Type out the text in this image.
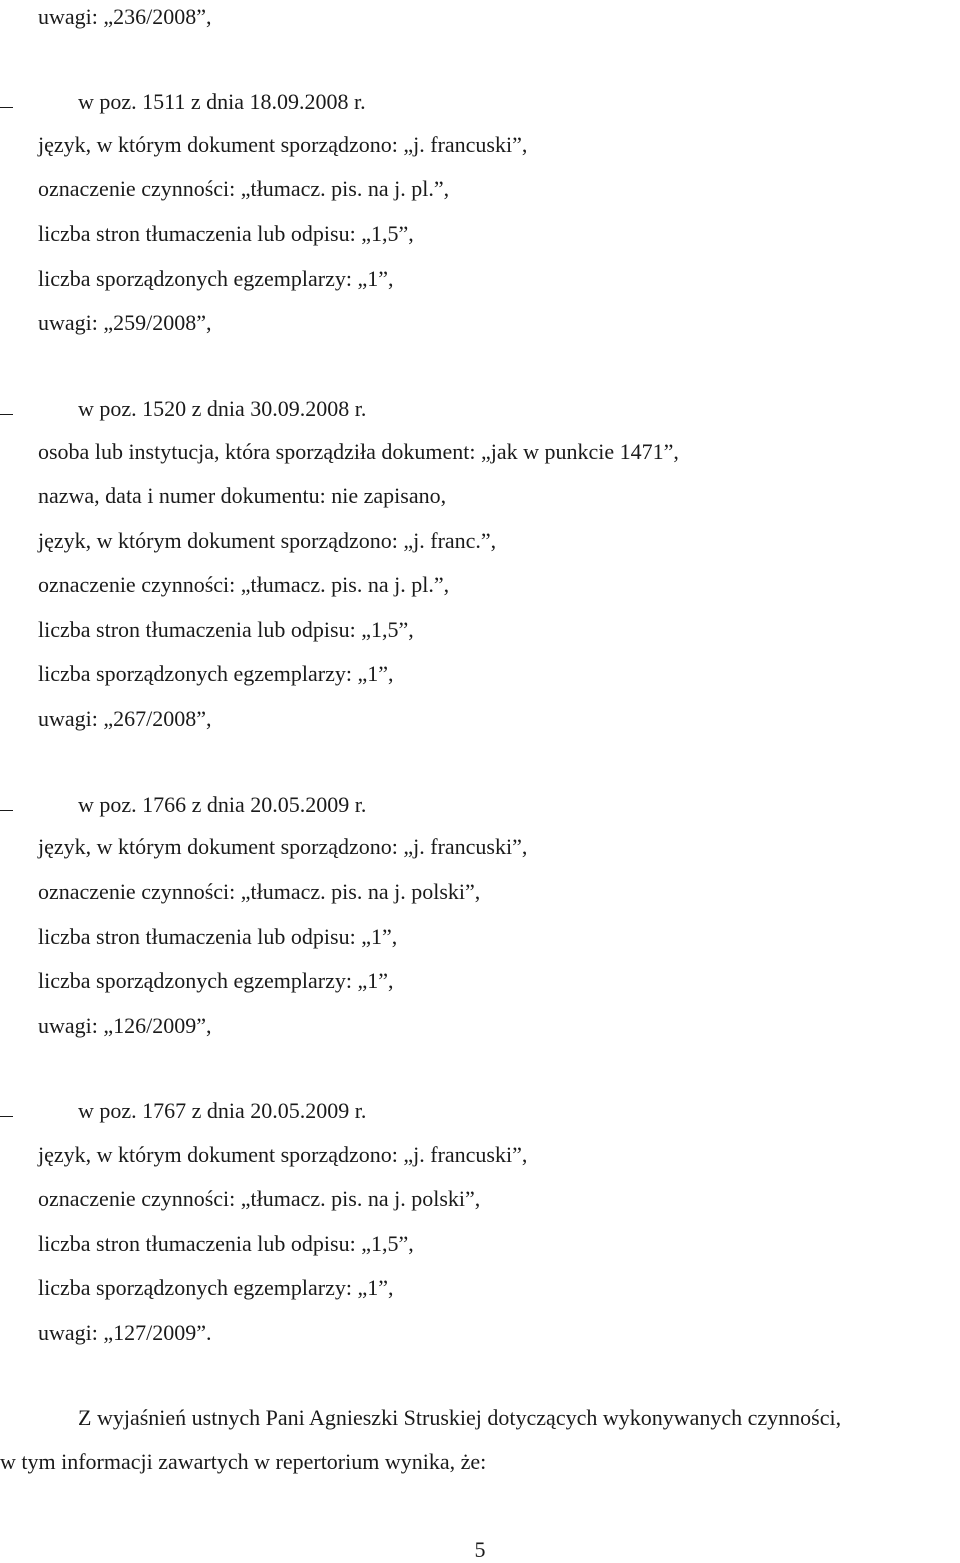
uwagi: „236/2008”,
w poz. 1511 z dnia 18.09.2008 r.
język, w którym dokument sporządzono: „j. francuski”,
oznaczenie czynności: „tłumacz. pis. na j. pl.”,
liczba stron tłumaczenia lub odpisu: „1,5”,
liczba sporządzonych egzemplarzy: „1”,
uwagi: „259/2008”,
w poz. 1520 z dnia 30.09.2008 r.
osoba lub instytucja, która sporządziła dokument: „jak w punkcie 1471”,
nazwa, data i numer dokumentu: nie zapisano,
język, w którym dokument sporządzono: „j. franc.”,
oznaczenie czynności: „tłumacz. pis. na j. pl.”,
liczba stron tłumaczenia lub odpisu: „1,5”,
liczba sporządzonych egzemplarzy: „1”,
uwagi: „267/2008”,
w poz. 1766 z dnia 20.05.2009 r.
język, w którym dokument sporządzono: „j. francuski”,
oznaczenie czynności: „tłumacz. pis. na j. polski”,
liczba stron tłumaczenia lub odpisu: „1”,
liczba sporządzonych egzemplarzy: „1”,
uwagi: „126/2009”,
w poz. 1767 z dnia 20.05.2009 r.
język, w którym dokument sporządzono: „j. francuski”,
oznaczenie czynności: „tłumacz. pis. na j. polski”,
liczba stron tłumaczenia lub odpisu: „1,5”,
liczba sporządzonych egzemplarzy: „1”,
uwagi: „127/2009”.
Z wyjaśnień ustnych Pani Agnieszki Struskiej dotyczących wykonywanych czynności,
w tym informacji zawartych w repertorium wynika, że:
5
